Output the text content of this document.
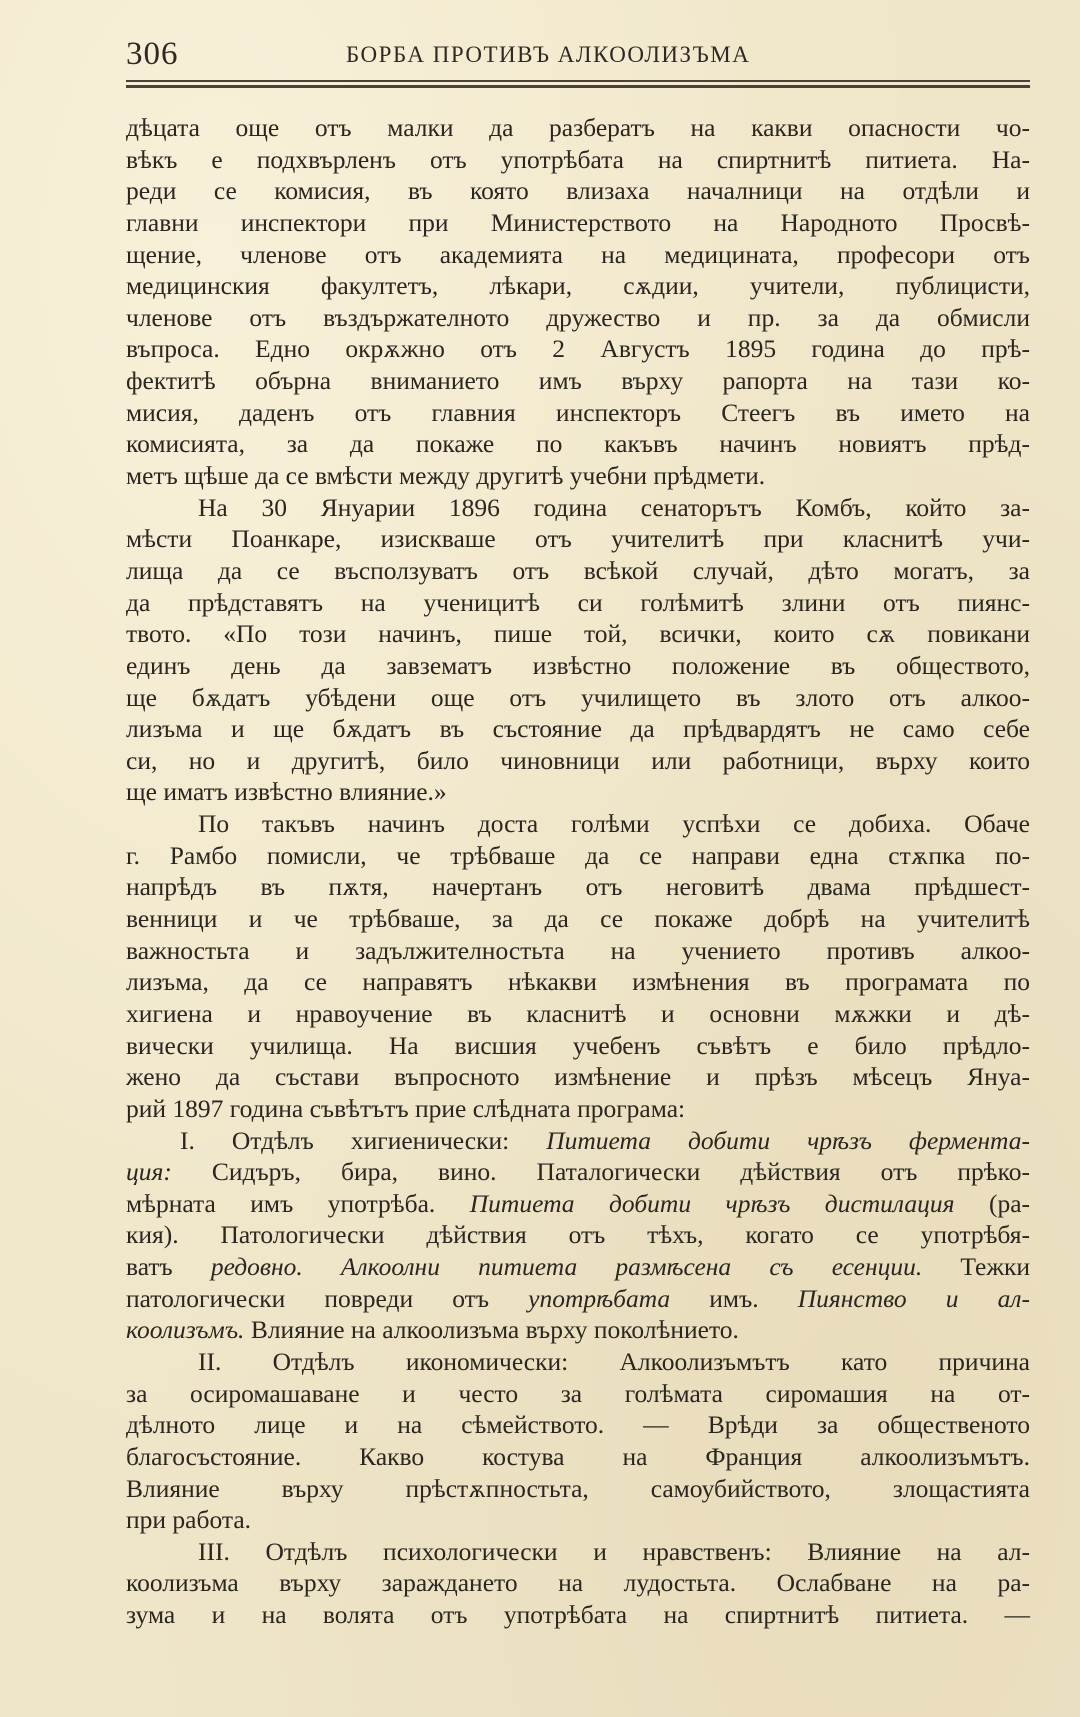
306	БОРБА ПРОТИВЪ АЛКООЛИЗЪМА
дѣцата още отъ малки да разбератъ на какви опасности чо-
вѣкъ е подхвърленъ отъ употрѣбата на спиртнитѣ питиета. На-
реди се комисия, въ която влизаха началници на отдѣли и
главни инспектори при Министерството на Народното Просвѣ-
щение, членове отъ академията на медицината, професори отъ
медицинския факултетъ, лѣкари, сѫдии, учители, публицисти,
членове отъ въздържателното дружество и пр. за да обмисли
въпроса. Едно окрѫжно отъ 2 Августъ 1895 година до прѣ-
фектитѣ обърна вниманието имъ върху рапорта на тази ко-
мисия, даденъ отъ главния инспекторъ Стеегъ въ името на
комисията, за да покаже по какъвъ начинъ новиятъ прѣд-
метъ щѣше да се вмѣсти между другитѣ учебни прѣдмети.
На 30 Януарии 1896 година сенаторътъ Комбъ, който за-
мѣсти Поанкаре, изискваше отъ учителитѣ при класнитѣ учи-
лища да се въсползуватъ отъ всѣкой случай, дѣто могатъ, за
да прѣдставятъ на ученицитѣ си голѣмитѣ злини отъ пиянс-
твото. «По този начинъ, пише той, всички, които сѫ повикани
единъ день да завзематъ извѣстно положение въ обществото,
ще бѫдатъ убѣдени още отъ училището въ злото отъ алкоо-
лизъма и ще бѫдатъ въ състояние да прѣдвардятъ не само себе
си, но и другитѣ, било чиновници или работници, върху които
ще иматъ извѣстно влияние.»
По такъвъ начинъ доста голѣми успѣхи се добиха. Обаче
г. Рамбо помисли, че трѣбваше да се направи една стѫпка по-
напрѣдъ въ пѫтя, начертанъ отъ неговитѣ двама прѣдшест-
венници и че трѣбваше, за да се покаже добрѣ на учителитѣ
важностьта и задължителностьта на учението противъ алкоо-
лизъма, да се направятъ нѣкакви измѣнения въ програмата по
хигиена и нравоучение въ класнитѣ и основни мѫжки и дѣ-
вически училища. На висшия учебенъ съвѣтъ е било прѣдло-
жено да състави въпросното измѣнение и прѣзъ мѣсецъ Януа-
рий 1897 година съвѣтътъ прие слѣдната програма:
I. Отдѣлъ хигиенически: Питиета добити чрѣзъ фермента-
ция: Сидъръ, бира, вино. Паталогически дѣйствия отъ прѣко-
мѣрната имъ употрѣба. Питиета добити чрѣзъ дистилация (ра-
кия). Патологически дѣйствия отъ тѣхъ, когато се употрѣбя-
ватъ редовно. Алкоолни питиета размѣсена съ есенции. Тежки
патологически повреди отъ употрѣбата имъ. Пиянство и ал-
коолизъмъ. Влияние на алкоолизъма върху поколѣнието.
II. Отдѣлъ икономически: Алкоолизъмътъ като причина
за осиромашаване и често за голѣмата сиромашия на от-
дѣлното лице и на сѣмейството. — Врѣди за общественото
благосъстояние. Какво костува на Франция алкоолизъмътъ.
Влияние върху прѣстѫпностьта, самоубийството, злощастията
при работа.
III. Отдѣлъ психологически и нравственъ: Влияние на ал-
коолизъма върху зараждането на лудостьта. Ослабване на ра-
зума и на волята отъ употрѣбата на спиртнитѣ питиета. —
